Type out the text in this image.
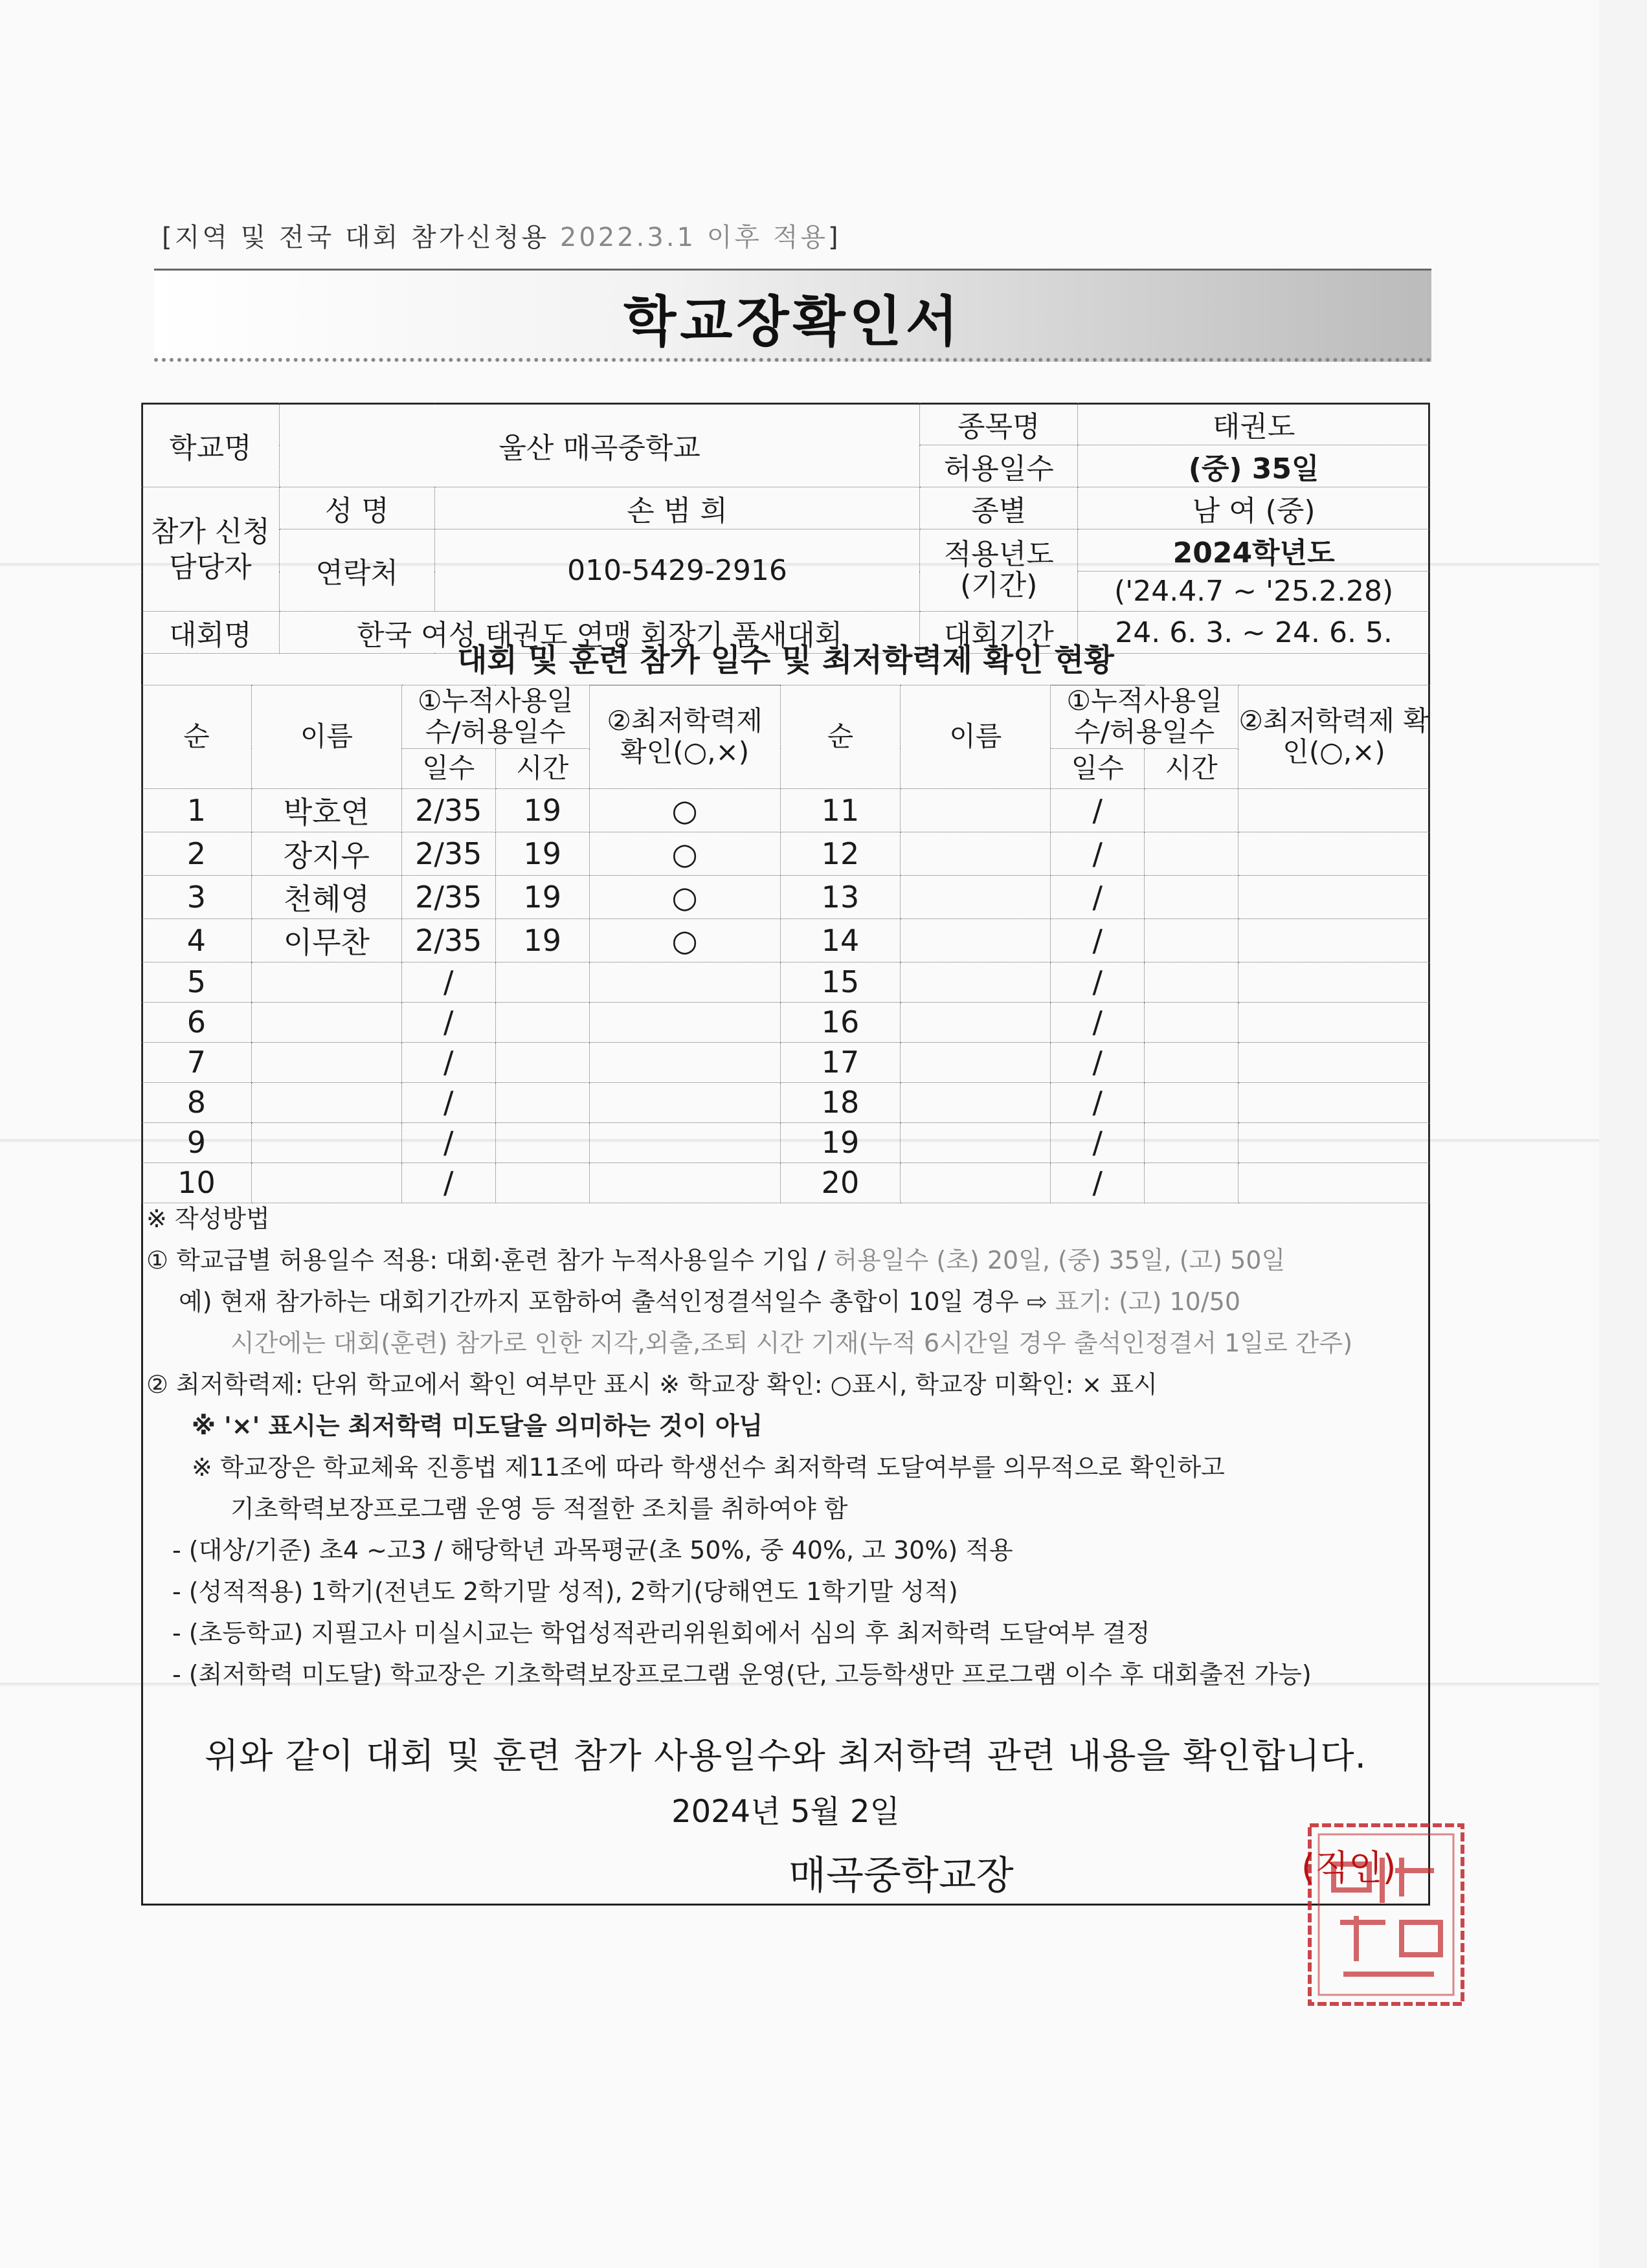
[지역 및 전국 대회 참가신청용 2022.3.1 이후 적용]
학교장확인서
학교명	울산 매곡중학교		종목명	태권도
			허용일수	(중) 35일
참가 신청 담당자	성 명	손 범 희	종별	남 여 (중)
	연락처	010-5429-2916	적용년도 (기간)	2024학년도
				('24.4.7 ~ '25.2.28)
대회명	한국 여성 태권도 연맹 회장기 품새대회		대회기간	24. 6. 3. ~ 24. 6. 5.
대회 및 훈련 참가 일수 및 최저학력제 확인 현황
순	이름	①누적사용일수/허용일수		②최저학력제 확인(○,×)	순	이름	①누적사용일수/허용일수		②최저학력제 확인(○,×)
		일수	시간				일수	시간	
1	박호연	2/35	19	○	11		/		
2	장지우	2/35	19	○	12		/		
3	천혜영	2/35	19	○	13		/		
4	이무찬	2/35	19	○	14		/		
5		/			15		/		
6		/			16		/		
7		/			17		/		
8		/			18		/		
9		/			19		/		
10		/			20		/		
※ 작성방법
① 학교급별 허용일수 적용: 대회·훈련 참가 누적사용일수 기입 / 허용일수 (초) 20일, (중) 35일, (고) 50일
예) 현재 참가하는 대회기간까지 포함하여 출석인정결석일수 총합이 10일 경우 ⇨ 표기: (고) 10/50
시간에는 대회(훈련) 참가로 인한 지각,외출,조퇴 시간 기재(누적 6시간일 경우 출석인정결서 1일로 간주)
② 최저학력제: 단위 학교에서 확인 여부만 표시 ※ 학교장 확인: ○표시, 학교장 미확인: × 표시
※ '×' 표시는 최저학력 미도달을 의미하는 것이 아님
※ 학교장은 학교체육 진흥법 제11조에 따라 학생선수 최저학력 도달여부를 의무적으로 확인하고
기초학력보장프로그램 운영 등 적절한 조치를 취하여야 함
- (대상/기준) 초4 ~고3 / 해당학년 과목평균(초 50%, 중 40%, 고 30%) 적용
- (성적적용) 1학기(전년도 2학기말 성적), 2학기(당해연도 1학기말 성적)
- (초등학교) 지필고사 미실시교는 학업성적관리위원회에서 심의 후 최저학력 도달여부 결정
- (최저학력 미도달) 학교장은 기초학력보장프로그램 운영(단, 고등학생만 프로그램 이수 후 대회출전 가능)
위와 같이 대회 및 훈련 참가 사용일수와 최저학력 관련 내용을 확인합니다.
2024년 5월 2일
매곡중학교장	(직인)
